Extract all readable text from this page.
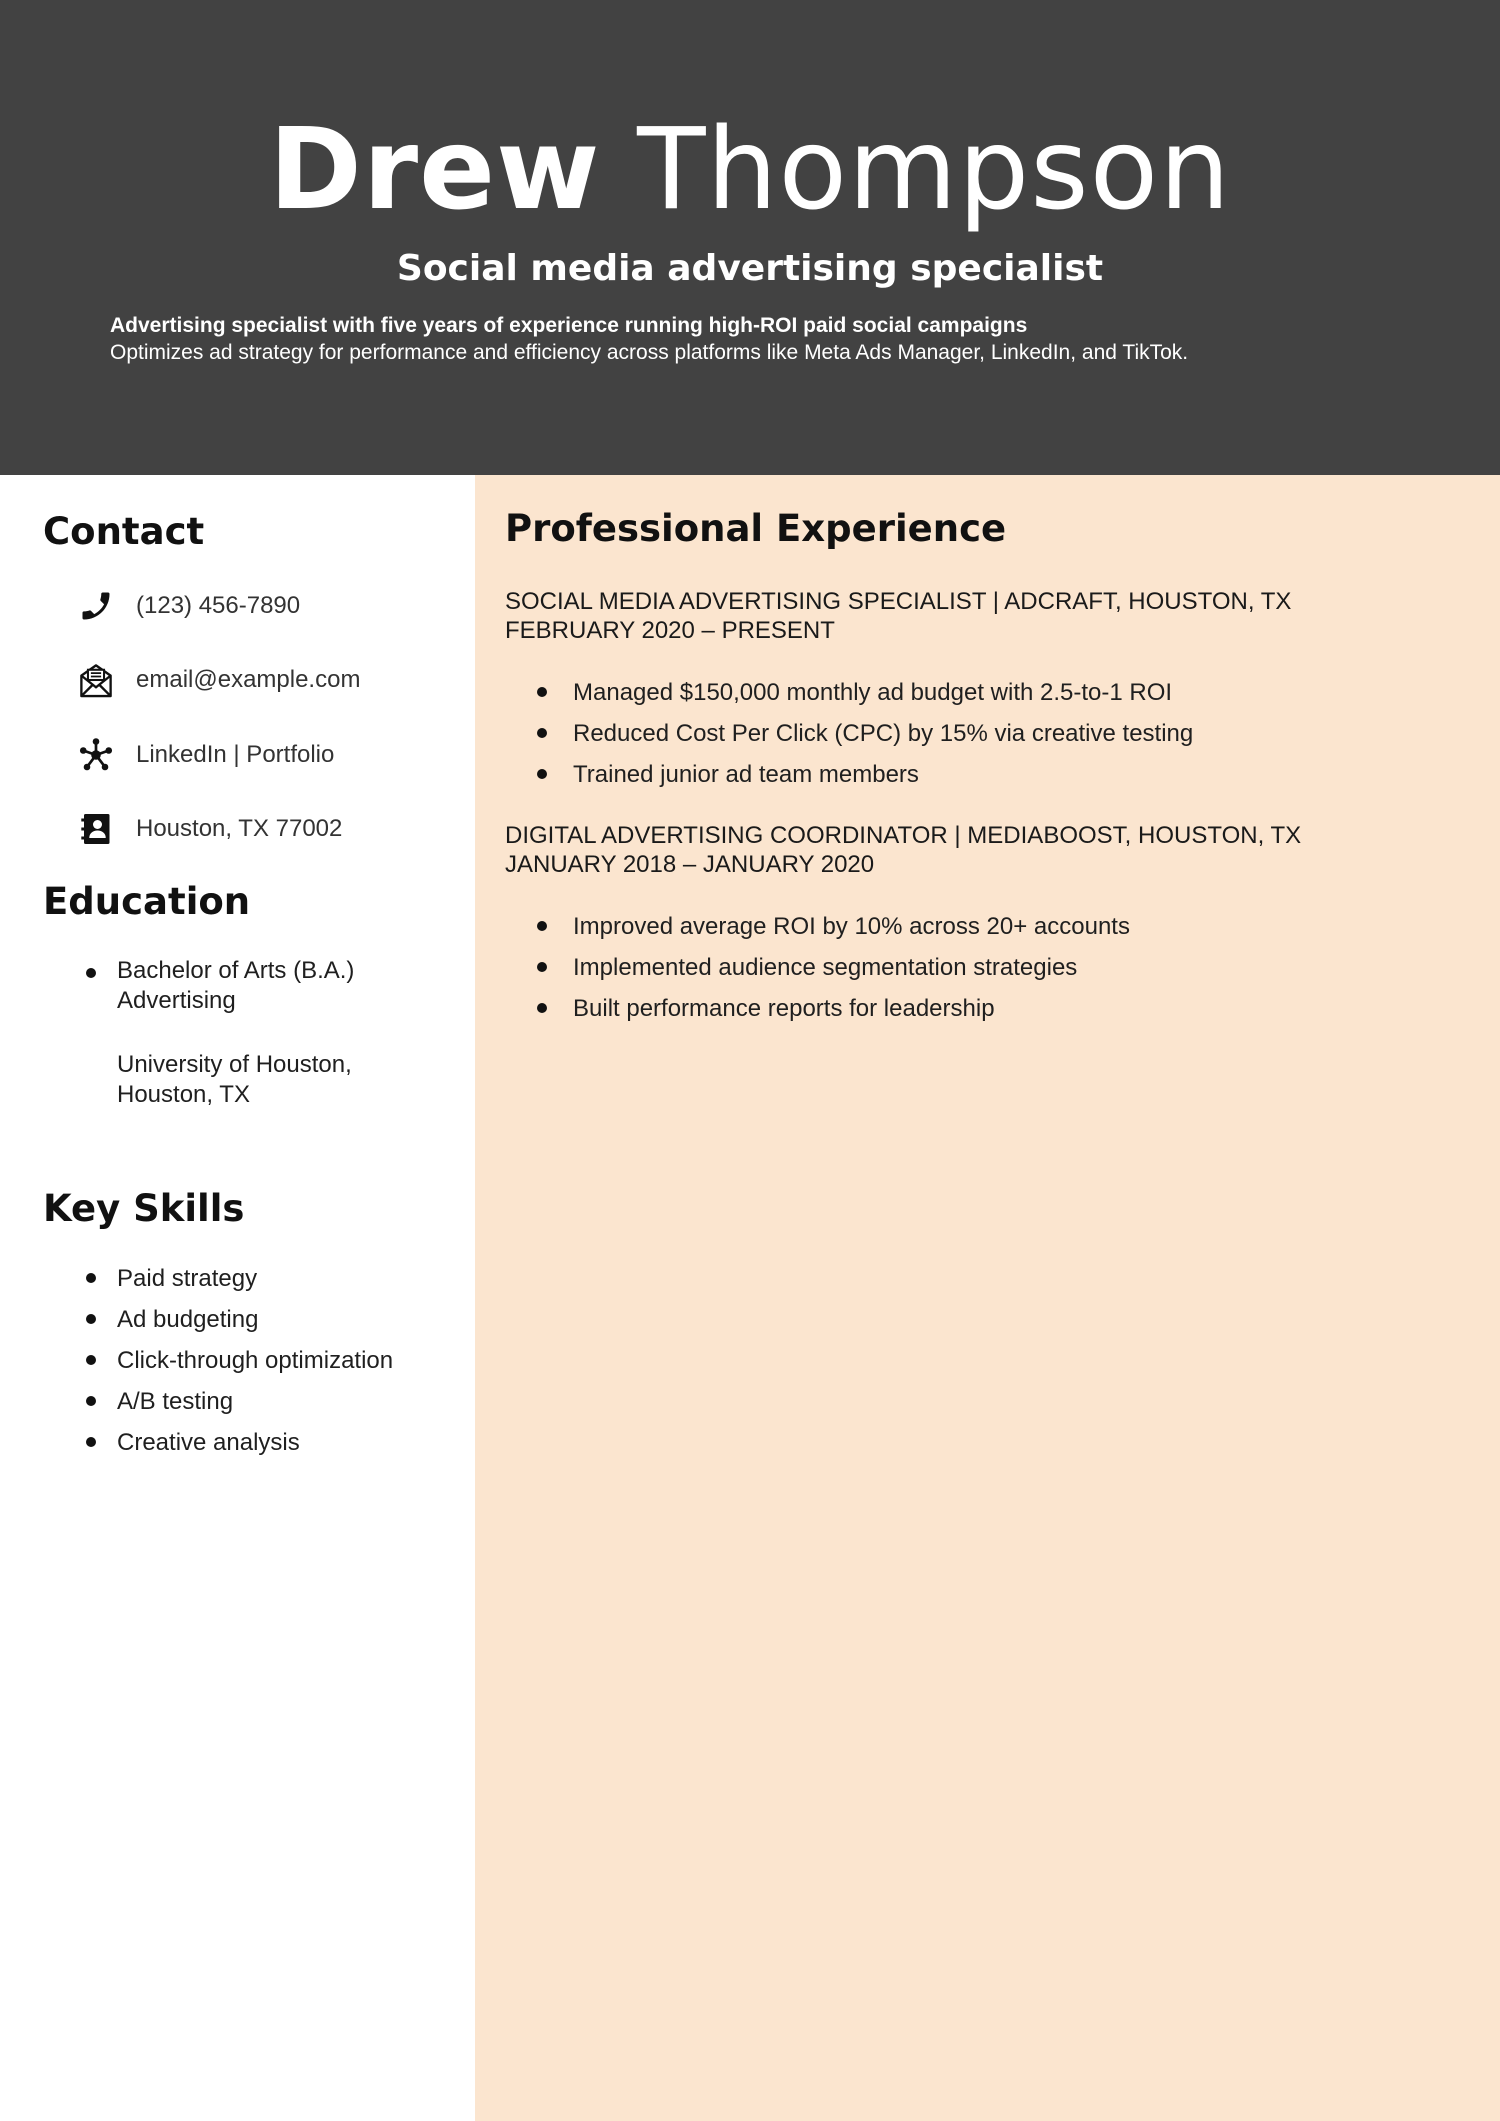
Drew Thompson
Social media advertising specialist
Advertising specialist with five years of experience running high-ROI paid social campaigns
Optimizes ad strategy for performance and efficiency across platforms like Meta Ads Manager, LinkedIn, and TikTok.
Contact
(123) 456-7890
email@example.com
LinkedIn | Portfolio
Houston, TX 77002
Education
Bachelor of Arts (B.A.)
Advertising
University of Houston,
Houston, TX
Key Skills
Paid strategy
Ad budgeting
Click-through optimization
A/B testing
Creative analysis
Professional Experience
SOCIAL MEDIA ADVERTISING SPECIALIST | ADCRAFT, HOUSTON, TX
FEBRUARY 2020 – PRESENT
Managed $150,000 monthly ad budget with 2.5-to-1 ROI
Reduced Cost Per Click (CPC) by 15% via creative testing
Trained junior ad team members
DIGITAL ADVERTISING COORDINATOR | MEDIABOOST, HOUSTON, TX
JANUARY 2018 – JANUARY 2020
Improved average ROI by 10% across 20+ accounts
Implemented audience segmentation strategies
Built performance reports for leadership
